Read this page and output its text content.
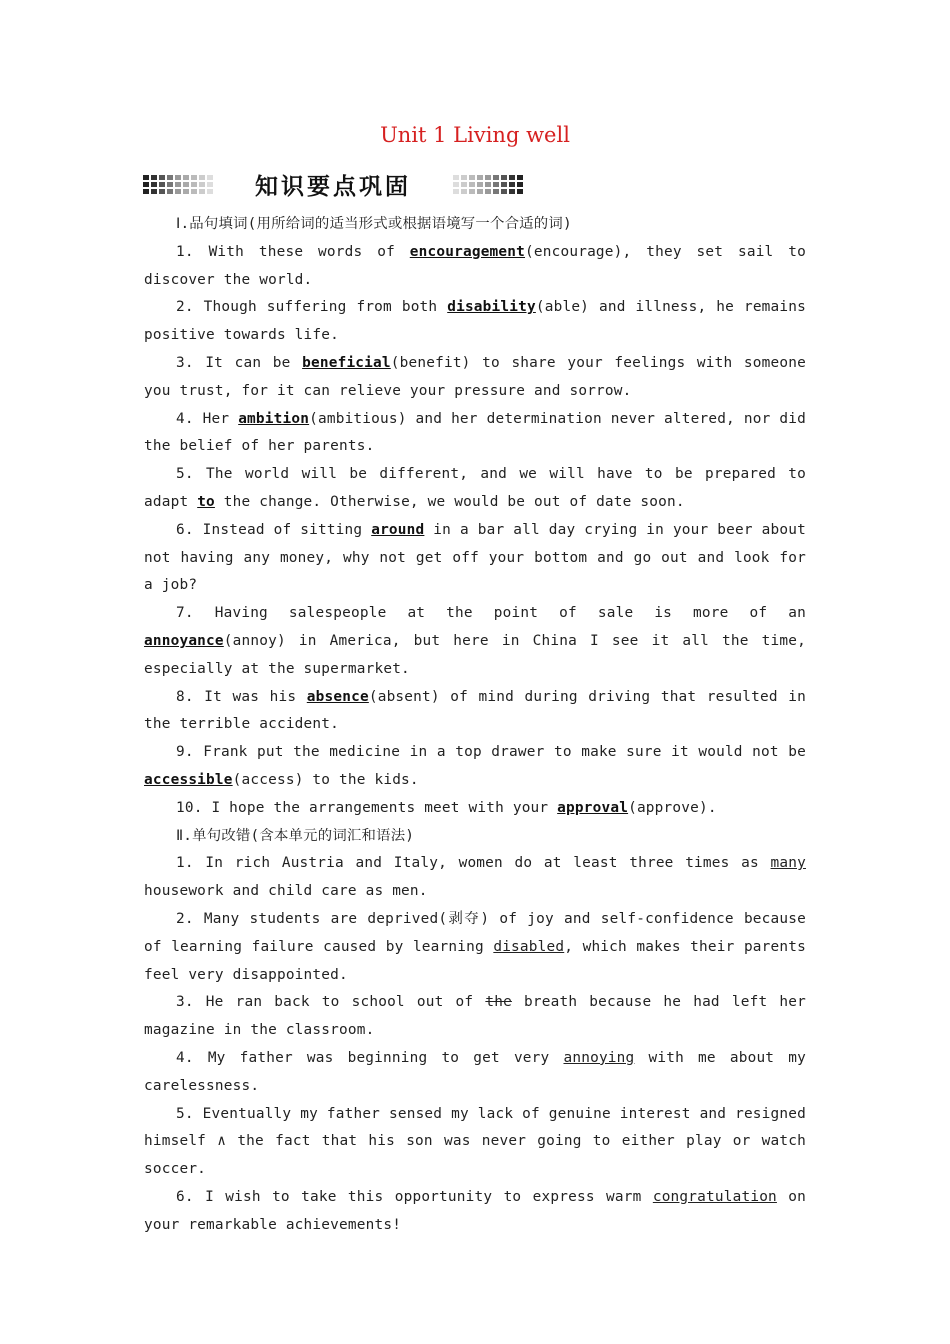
Unit 1 Living well
知识要点巩固

Ⅰ.品句填词(用所给词的适当形式或根据语境写一个合适的词)

1. With these words of encouragement(encourage), they set sail to discover the world.

2. Though suffering from both disability(able) and illness, he remains positive towards life.

3. It can be beneficial(benefit) to share your feelings with someone you trust, for it can relieve your pressure and sorrow.

4. Her ambition(ambitious) and her determination never altered, nor did the belief of her parents.

5. The world will be different, and we will have to be prepared to adapt to the change. Otherwise, we would be out of date soon.

6. Instead of sitting around in a bar all day crying in your beer about not having any money, why not get off your bottom and go out and look for a job?

7. Having salespeople at the point of sale is more of an annoyance(annoy) in America, but here in China I see it all the time, especially at the supermarket.

8. It was his absence(absent) of mind during driving that resulted in the terrible accident.

9. Frank put the medicine in a top drawer to make sure it would not be accessible(access) to the kids.

10. I hope the arrangements meet with your approval(approve).

Ⅱ.单句改错(含本单元的词汇和语法)

1. In rich Austria and Italy, women do at least three times as many housework and child care as men.

2. Many students are deprived(剥夺) of joy and self-confidence because of learning failure caused by learning disabled, which makes their parents feel very disappointed.

3. He ran back to school out of the breath because he had left her magazine in the classroom.

4. My father was beginning to get very annoying with me about my carelessness.

5. Eventually my father sensed my lack of genuine interest and resigned himself ∧ the fact that his son was never going to either play or watch soccer.

6. I wish to take this opportunity to express warm congratulation on your remarkable achievements!
